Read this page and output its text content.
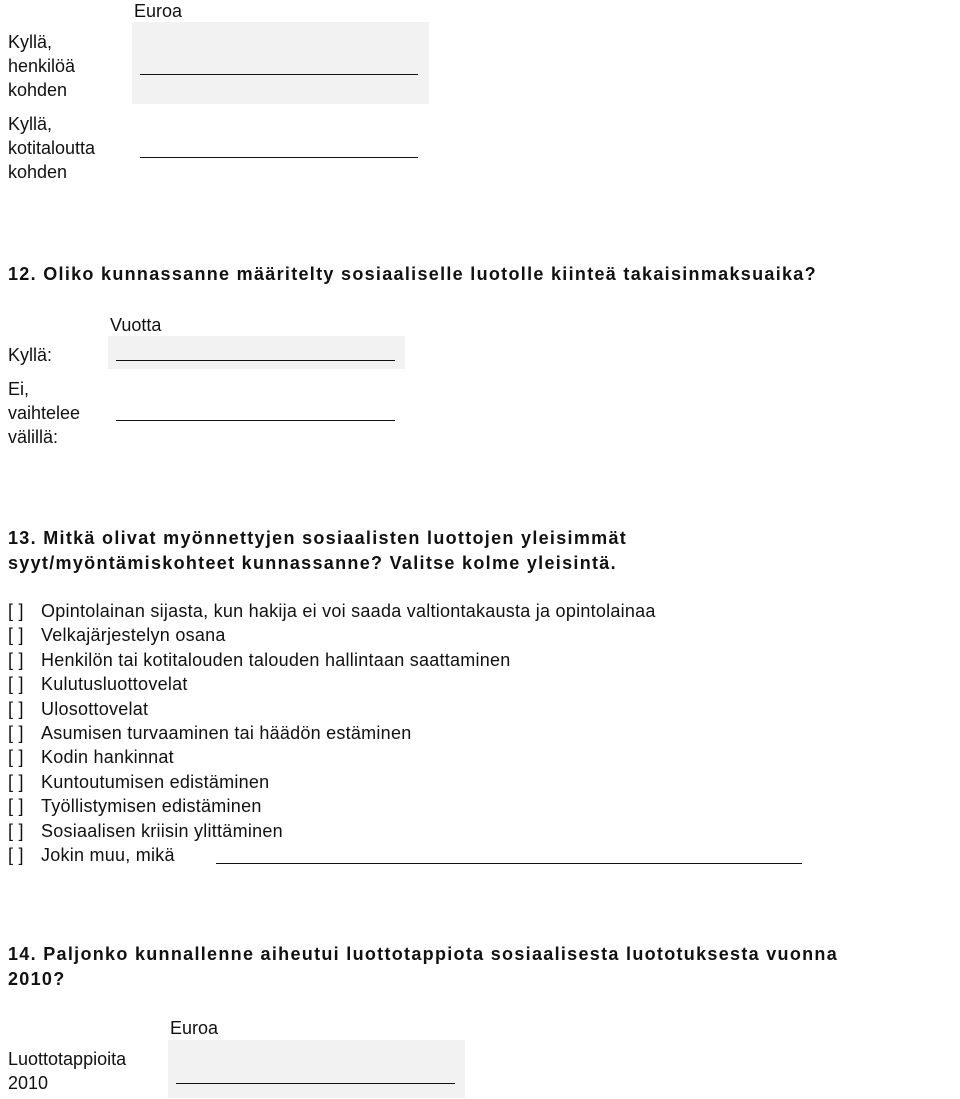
Euroa
Kyllä,
henkilöä
kohden
Kyllä,
kotitaloutta
kohden
12. Oliko kunnassanne määritelty sosiaaliselle luotolle kiinteä takaisinmaksuaika?
Vuotta
Kyllä:
Ei,
vaihtelee
välillä:
13. Mitkä olivat myönnettyjen sosiaalisten luottojen yleisimmät
syyt/myöntämiskohteet kunnassanne? Valitse kolme yleisintä.
[ ] Opintolainan sijasta, kun hakija ei voi saada valtiontakausta ja opintolainaa
[ ] Velkajärjestelyn osana
[ ] Henkilön tai kotitalouden talouden hallintaan saattaminen
[ ] Kulutusluottovelat
[ ] Ulosottovelat
[ ] Asumisen turvaaminen tai häädön estäminen
[ ] Kodin hankinnat
[ ] Kuntoutumisen edistäminen
[ ] Työllistymisen edistäminen
[ ] Sosiaalisen kriisin ylittäminen
[ ] Jokin muu, mikä
14. Paljonko kunnallenne aiheutui luottotappiota sosiaalisesta luototuksesta vuonna
2010?
Euroa
Luottotappioita
2010
